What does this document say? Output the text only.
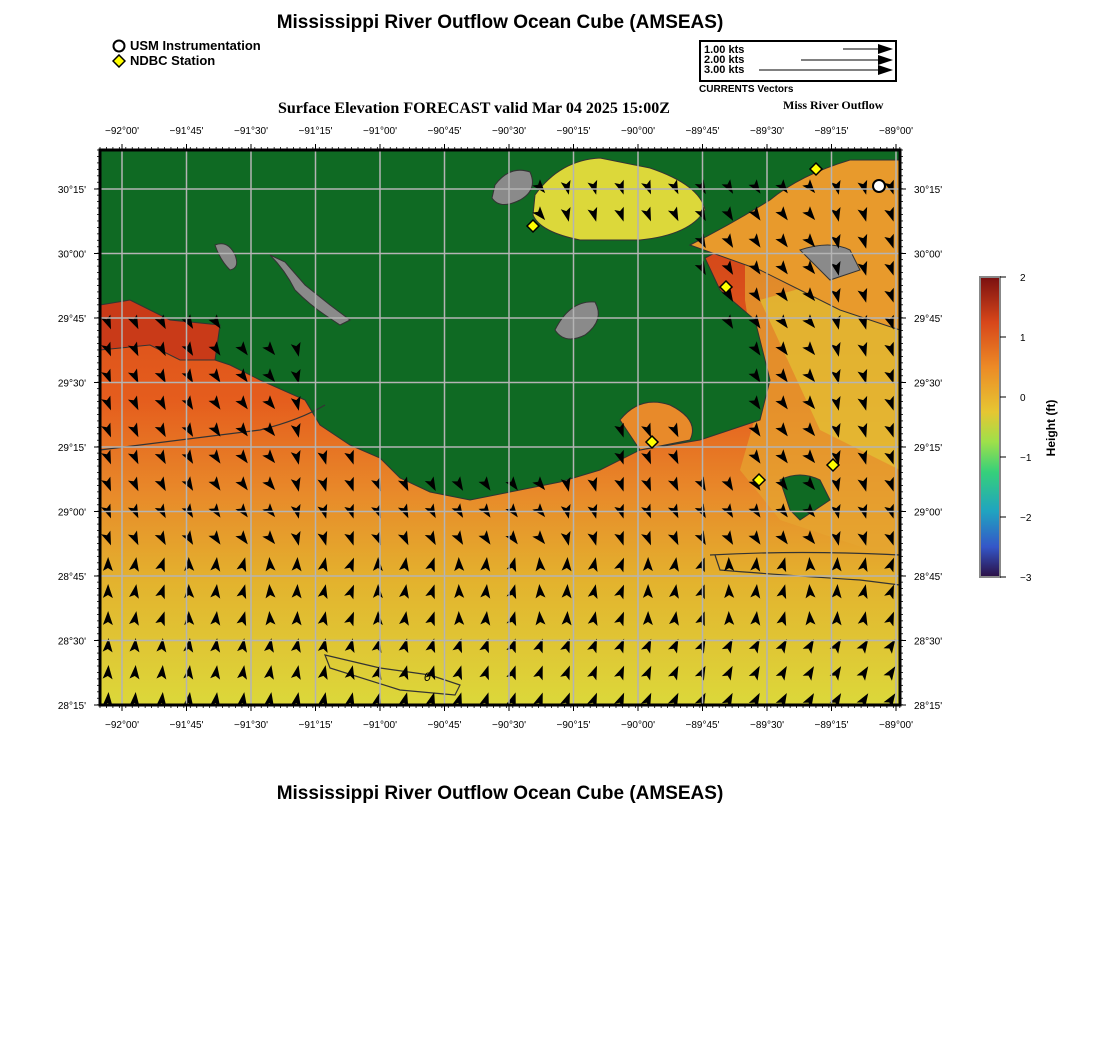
Mississippi River Outflow Ocean Cube (AMSEAS)
USM Instrumentation
NDBC Station
1.00 kts
2.00 kts
3.00 kts
CURRENTS Vectors
Surface Elevation FORECAST valid Mar 04 2025 15:00Z	Miss River Outflow
0
−92°00'
−92°00'
−91°45'
−91°45'
−91°30'
−91°30'
−91°15'
−91°15'
−91°00'
−91°00'
−90°45'
−90°45'
−90°30'
−90°30'
−90°15'
−90°15'
−90°00'
−90°00'
−89°45'
−89°45'
−89°30'
−89°30'
−89°15'
−89°15'
−89°00'
−89°00'
30°15'	30°15'
30°00'	30°00'
29°45'	29°45'
29°30'	29°30'
29°15'	29°15'
29°00'	29°00'
28°45'	28°45'
28°30'	28°30'
28°15'	28°15'
2
1
0
−1
−2
−3
Height (ft)
Mississippi River Outflow Ocean Cube (AMSEAS)
